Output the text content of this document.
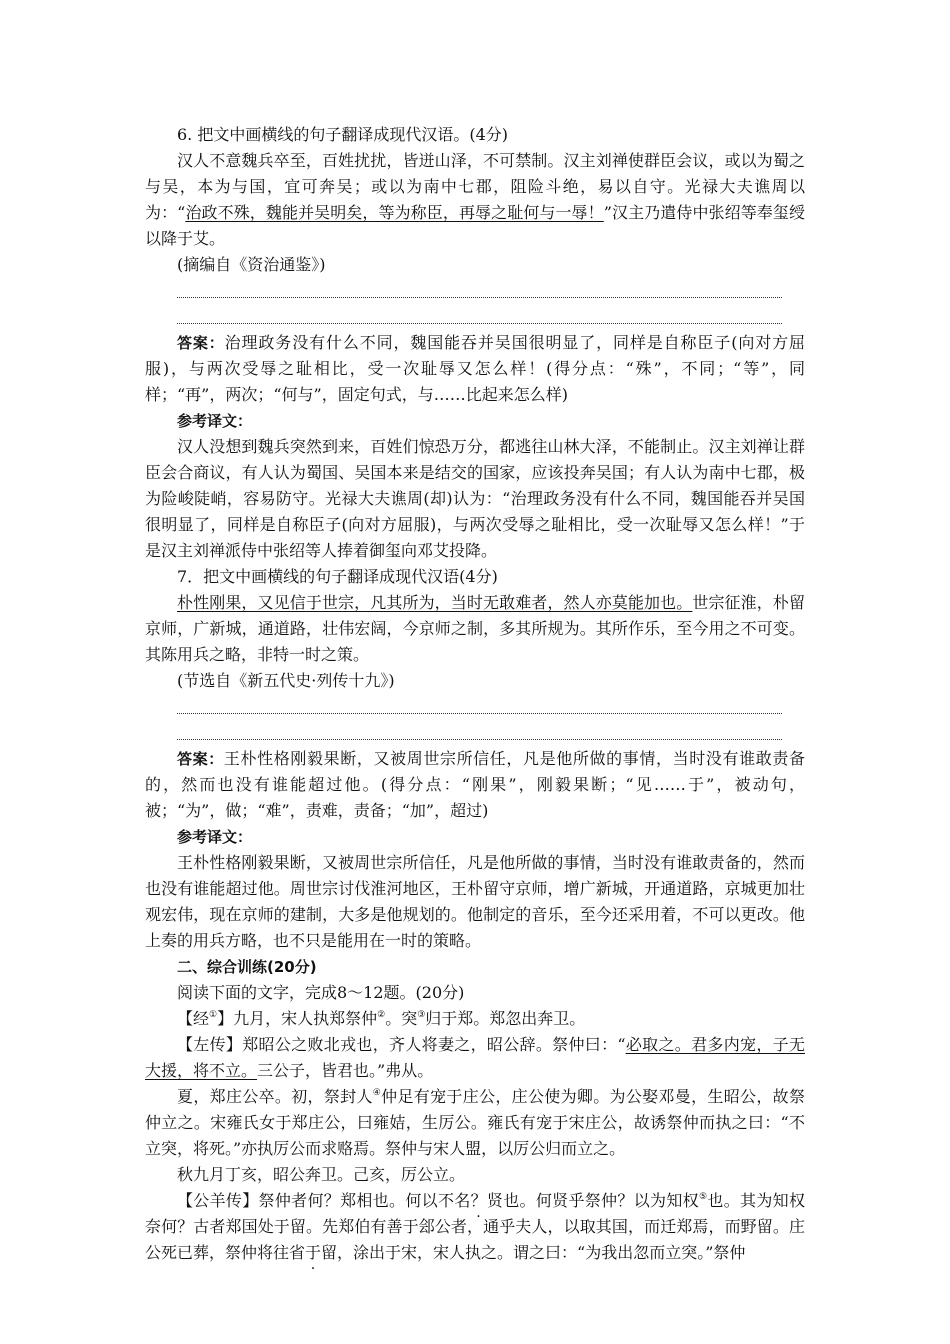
6. 把文中画横线的句子翻译成现代汉语。(4分)

汉人不意魏兵卒至，百姓扰扰，皆迸山泽，不可禁制。汉主刘禅使群臣会议，或以为蜀之与吴，本为与国，宜可奔吴；或以为南中七郡，阻险斗绝，易以自守。光禄大夫谯周以为：“治政不殊，魏能并吴明矣，等为称臣，再辱之耻何与一辱！”汉主乃遣侍中张绍等奉玺绶以降于艾。

(摘编自《资治通鉴》)

答案：治理政务没有什么不同，魏国能吞并吴国很明显了，同样是自称臣子(向对方屈服)，与两次受辱之耻相比，受一次耻辱又怎么样！(得分点：“殊”，不同；“等”，同样；“再”，两次；“何与”，固定句式，与……比起来怎么样)

参考译文：

汉人没想到魏兵突然到来，百姓们惊恐万分，都逃往山林大泽，不能制止。汉主刘禅让群臣会合商议，有人认为蜀国、吴国本来是结交的国家，应该投奔吴国；有人认为南中七郡，极为险峻陡峭，容易防守。光禄大夫谯周(却)认为：“治理政务没有什么不同，魏国能吞并吴国很明显了，同样是自称臣子(向对方屈服)，与两次受辱之耻相比，受一次耻辱又怎么样！”于是汉主刘禅派侍中张绍等人捧着御玺向邓艾投降。

7．把文中画横线的句子翻译成现代汉语(4分)

朴性刚果，又见信于世宗，凡其所为，当时无敢难者，然人亦莫能加也。世宗征淮，朴留京师，广新城，通道路，壮伟宏阔，今京师之制，多其所规为。其所作乐，至今用之不可变。其陈用兵之略，非特一时之策。

(节选自《新五代史·列传十九》)

答案：王朴性格刚毅果断，又被周世宗所信任，凡是他所做的事情，当时没有谁敢责备的，然而也没有谁能超过他。(得分点：“刚果”，刚毅果断；“见……于”，被动句，被；“为”，做；“难”，责难，责备；“加”，超过)

参考译文：

王朴性格刚毅果断，又被周世宗所信任，凡是他所做的事情，当时没有谁敢责备的，然而也没有谁能超过他。周世宗讨伐淮河地区，王朴留守京师，增广新城，开通道路，京城更加壮观宏伟，现在京师的建制，大多是他规划的。他制定的音乐，至今还采用着，不可以更改。他上奏的用兵方略，也不只是能用在一时的策略。

二、综合训练(20分)

阅读下面的文字，完成8～12题。(20分)

【经①】九月，宋人执郑祭仲②。突③归于郑。郑忽出奔卫。

【左传】郑昭公之败北戎也，齐人将妻之，昭公辞。祭仲曰：“必取之。君多内宠，子无大援，将不立。三公子，皆君也。”弗从。

夏，郑庄公卒。初，祭封人④仲足有宠于庄公，庄公使为卿。为公娶邓曼，生昭公，故祭仲立之。宋雍氏女于郑庄公，曰雍姞，生厉公。雍氏有宠于宋庄公，故诱祭仲而执之曰：“不立突，将死。”亦执厉公而求赂焉。祭仲与宋人盟，以厉公归而立之。

秋九月丁亥，昭公奔卫。己亥，厉公立。

【公羊传】祭仲者何？郑相也。何以不名？贤也。何贤乎祭仲？以为知权⑤也。其为知权奈何？古者郑国处于留。先郑伯有善于郐公者，通乎夫人，以取其国，而迁郑焉，而野留。庄公死已葬，祭仲将往省于留，涂出于宋，宋人执之。谓之曰：“为我出忽而立突。”祭仲
